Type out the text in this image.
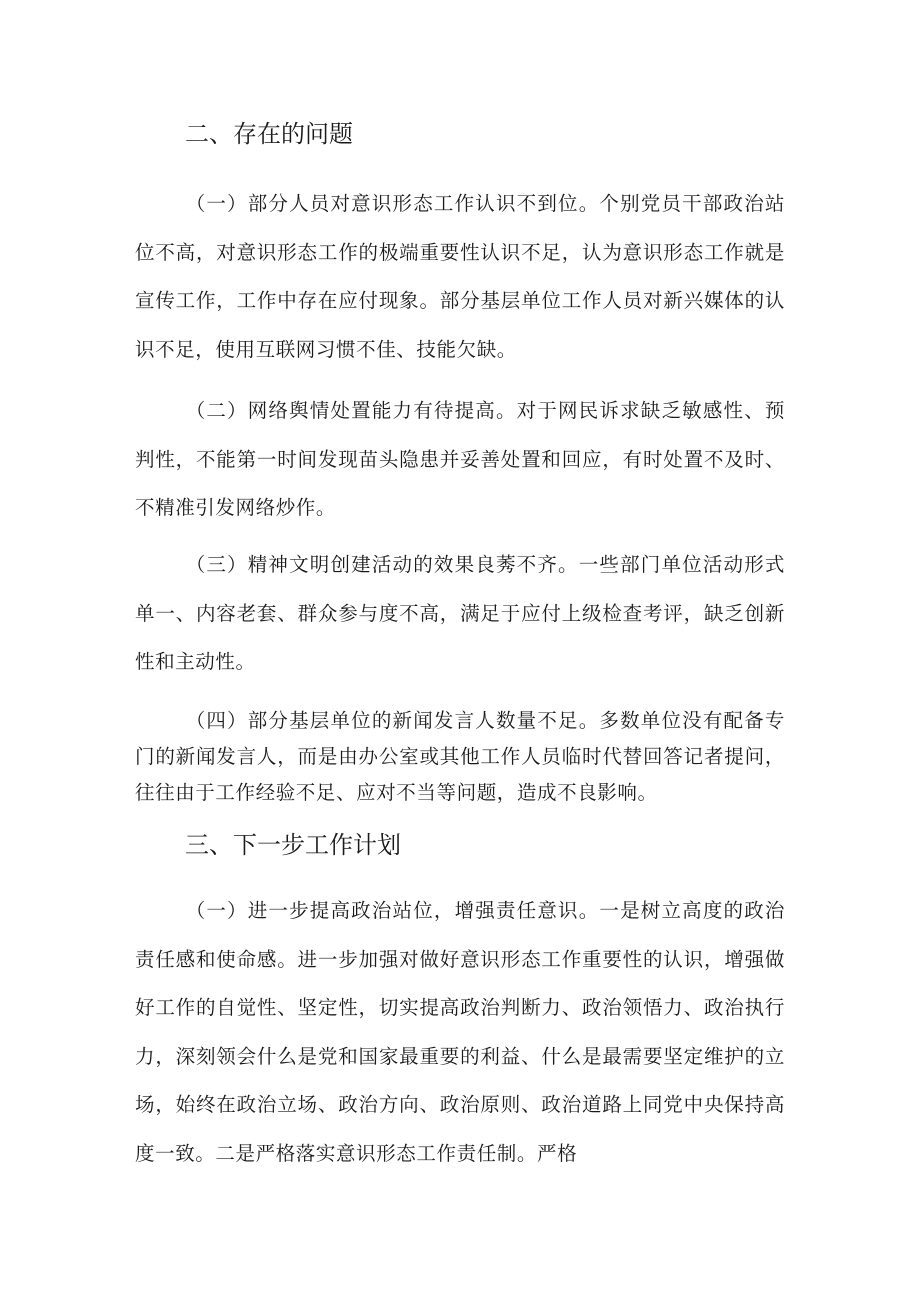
二、存在的问题

（一）部分人员对意识形态工作认识不到位。个别党员干部政治站位不高，对意识形态工作的极端重要性认识不足，认为意识形态工作就是宣传工作，工作中存在应付现象。部分基层单位工作人员对新兴媒体的认识不足，使用互联网习惯不佳、技能欠缺。

（二）网络舆情处置能力有待提高。对于网民诉求缺乏敏感性、预判性，不能第一时间发现苗头隐患并妥善处置和回应，有时处置不及时、不精准引发网络炒作。

（三）精神文明创建活动的效果良莠不齐。一些部门单位活动形式单一、内容老套、群众参与度不高，满足于应付上级检查考评，缺乏创新性和主动性。

（四）部分基层单位的新闻发言人数量不足。多数单位没有配备专门的新闻发言人，而是由办公室或其他工作人员临时代替回答记者提问，往往由于工作经验不足、应对不当等问题，造成不良影响。

三、下一步工作计划

（一）进一步提高政治站位，增强责任意识。一是树立高度的政治责任感和使命感。进一步加强对做好意识形态工作重要性的认识，增强做好工作的自觉性、坚定性，切实提高政治判断力、政治领悟力、政治执行力，深刻领会什么是党和国家最重要的利益、什么是最需要坚定维护的立场，始终在政治立场、政治方向、政治原则、政治道路上同党中央保持高度一致。二是严格落实意识形态工作责任制。严格
